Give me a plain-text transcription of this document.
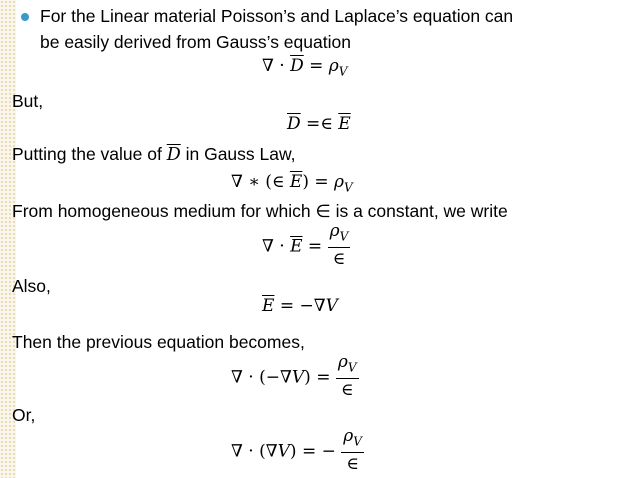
For the Linear material Poisson’s and Laplace’s equation can
be easily derived from Gauss’s equation
∇ · $\overline{D} = \rho_V$
But,
$\overline{D}$ =∈ $\overline{E}$
Putting the value of $\overline{D}$ in Gauss Law,
∇ ∗ (∈ $\overline{E}) = \rho_V$
From homogeneous medium for which ∈ is a constant, we write
∇ · $\overline{E} = \frac{\rho_V}{\in}$
Also,
$\overline{E} = -\nabla V$
Then the previous equation becomes,
∇ · $(-\nabla V) = \frac{\rho_V}{\in}$
Or,
∇ · (∇V) = − $\frac{\rho_V}{\in}$
